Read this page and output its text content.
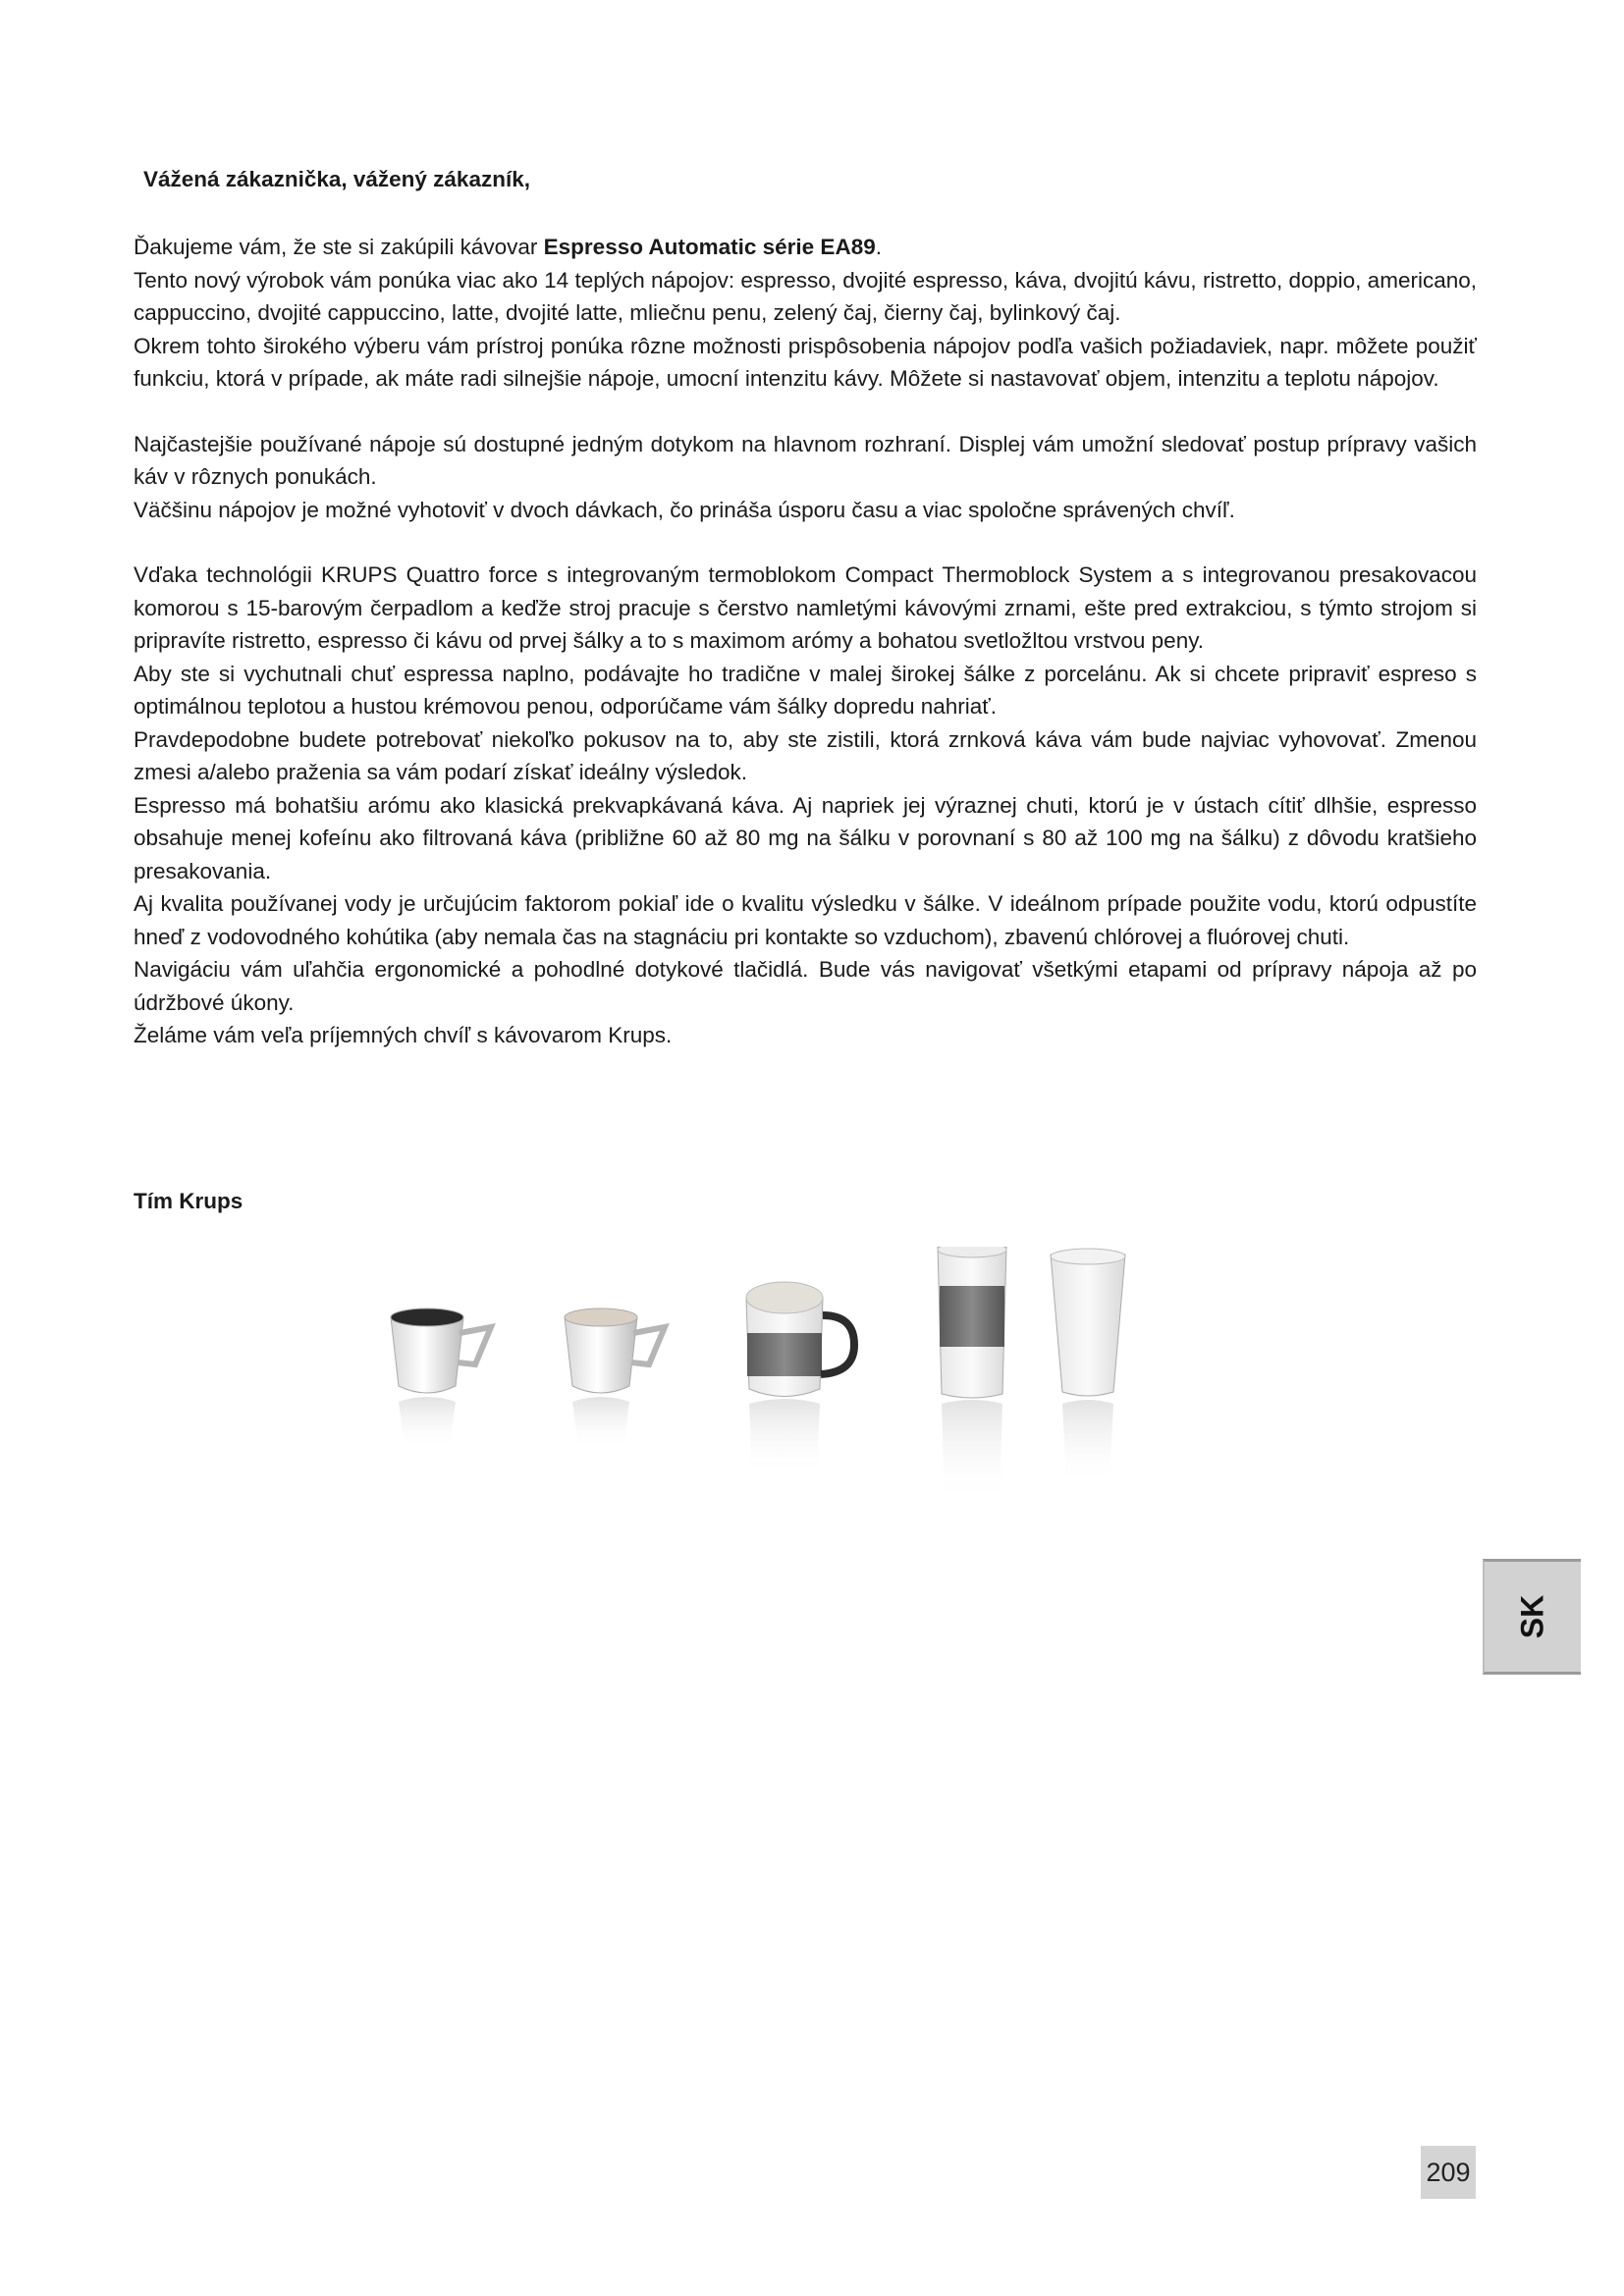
Vážená zákaznička, vážený zákazník,

Ďakujeme vám, že ste si zakúpili kávovar Espresso Automatic série EA89.

Tento nový výrobok vám ponúka viac ako 14 teplých nápojov: espresso, dvojité espresso, káva, dvojitú kávu, ristretto, doppio, americano, cappuccino, dvojité cappuccino, latte, dvojité latte, mliečnu penu, zelený čaj, čierny čaj, bylinkový čaj.

Okrem tohto širokého výberu vám prístroj ponúka rôzne možnosti prispôsobenia nápojov podľa vašich požiadaviek, napr. môžete použiť funkciu, ktorá v prípade, ak máte radi silnejšie nápoje, umocní intenzitu kávy. Môžete si nastavovať objem, intenzitu a teplotu nápojov.

Najčastejšie používané nápoje sú dostupné jedným dotykom na hlavnom rozhraní. Displej vám umožní sledovať postup prípravy vašich káv v rôznych ponukách.

Väčšinu nápojov je možné vyhotoviť v dvoch dávkach, čo prináša úsporu času a viac spoločne správených chvíľ.

Vďaka technológii KRUPS Quattro force s integrovaným termoblokom Compact Thermoblock System a s integrovanou presakovacou komorou s 15-barovým čerpadlom a keďže stroj pracuje s čerstvo namletými kávovými zrnami, ešte pred extrakciou, s týmto strojom si pripravíte ristretto, espresso či kávu od prvej šálky a to s maximom arómy a bohatou svetložltou vrstvou peny.

Aby ste si vychutnali chuť espressa naplno, podávajte ho tradične v malej širokej šálke z porcelánu. Ak si chcete pripraviť espreso s optimálnou teplotou a hustou krémovou penou, odporúčame vám šálky dopredu nahriať.

Pravdepodobne budete potrebovať niekoľko pokusov na to, aby ste zistili, ktorá zrnková káva vám bude najviac vyhovovať. Zmenou zmesi a/alebo praženia sa vám podarí získať ideálny výsledok.

Espresso má bohatšiu arómu ako klasická prekvapkávaná káva. Aj napriek jej výraznej chuti, ktorú je v ústach cítiť dlhšie, espresso obsahuje menej kofeínu ako filtrovaná káva (približne 60 až 80 mg na šálku v porovnaní s 80 až 100 mg na šálku) z dôvodu kratšieho presakovania.

Aj kvalita používanej vody je určujúcim faktorom pokiaľ ide o kvalitu výsledku v šálke. V ideálnom prípade použite vodu, ktorú odpustíte hneď z vodovodného kohútika (aby nemala čas na stagnáciu pri kontakte so vzduchom), zbavenú chlórovej a fluórovej chuti.

Navigáciu vám uľahčia ergonomické a pohodlné dotykové tlačidlá. Bude vás navigovať všetkými etapami od prípravy nápoja až po údržbové úkony.

Želáme vám veľa príjemných chvíľ s kávovarom Krups.

Tím Krups
SK
209
